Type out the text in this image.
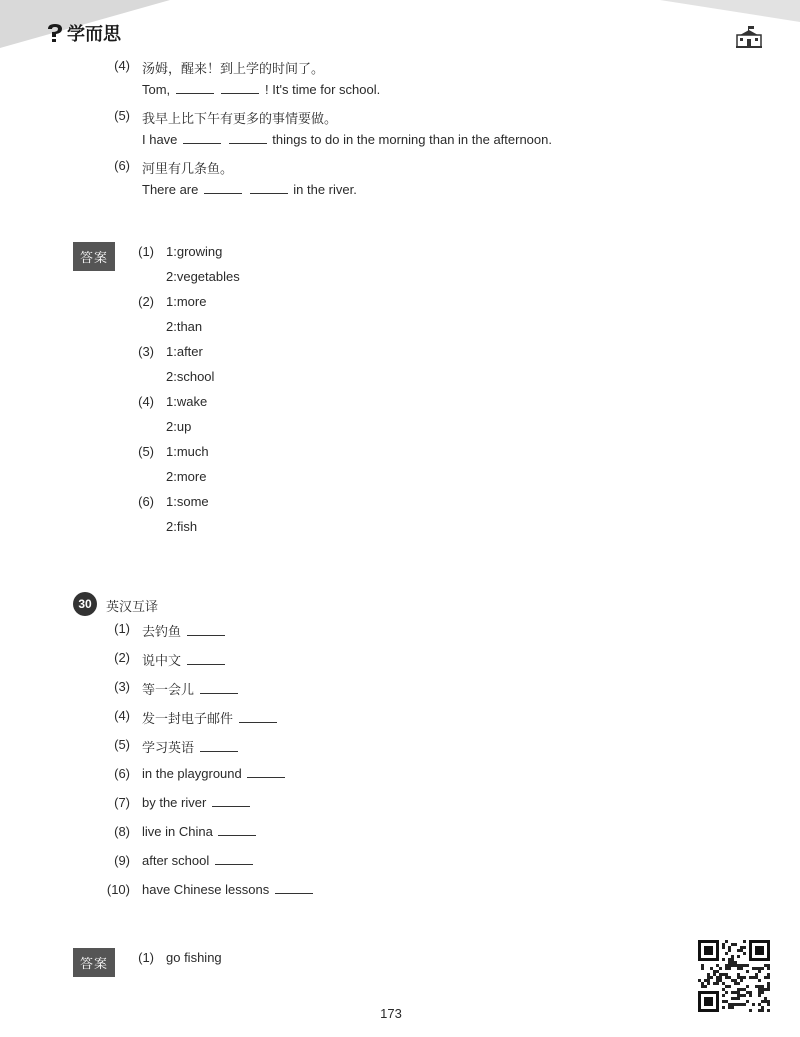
学而思
(4) 汤姆，醒来！到上学的时间了。
Tom,	! It's time for school.
(5) 我早上比下午有更多的事情要做。
I have	things to do in the morning than in the afternoon.
(6) 河里有几条鱼。
There are	in the river.
答案	(1) 1:growing
2:vegetables
(2) 1:more
2:than
(3) 1:after
2:school
(4) 1:wake
2:up
(5) 1:much
2:more
(6) 1:some
2:fish
30	英汉互译
(1) 去钓鱼
(2) 说中文
(3) 等一会儿
(4) 发一封电子邮件
(5) 学习英语
(6) in the playground
(7) by the river
(8) live in China
(9) after school
(10) have Chinese lessons
答案	(1) go fishing
173
